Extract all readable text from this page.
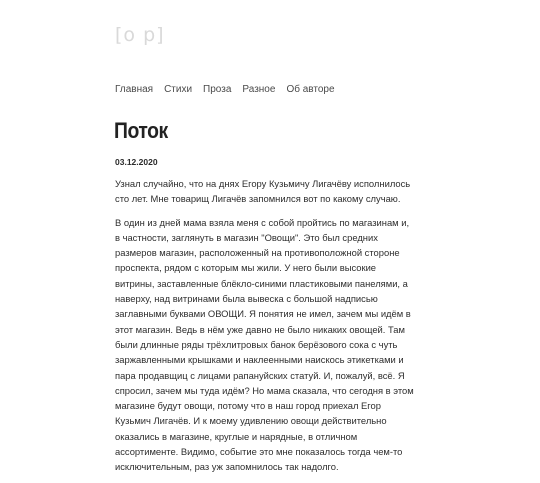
[o p]
Главная Стихи Проза Разное Об авторе
Поток
03.12.2020

Узнал случайно, что на днях Егору Кузьмичу Лигачёву исполнилось сто лет. Мне товарищ Лигачёв запомнился вот по какому случаю.

В один из дней мама взяла меня с собой пройтись по магазинам и, в частности, заглянуть в магазин "Овощи". Это был средних размеров магазин, расположенный на противоположной стороне проспекта, рядом с которым мы жили. У него были высокие витрины, заставленные блёкло-синими пластиковыми панелями, а наверху, над витринами была вывеска с большой надписью заглавными буквами ОВОЩИ. Я понятия не имел, зачем мы идём в этот магазин. Ведь в нём уже давно не было никаких овощей. Там были длинные ряды трёхлитровых банок берёзового сока с чуть заржавленными крышками и наклеенными наискось этикетками и пара продавщиц с лицами рапануйских статуй. И, пожалуй, всё. Я спросил, зачем мы туда идём? Но мама сказала, что сегодня в этом магазине будут овощи, потому что в наш город приехал Егор Кузьмич Лигачёв. И к моему удивлению овощи действительно оказались в магазине, круглые и нарядные, в отличном ассортименте. Видимо, событие это мне показалось тогда чем-то исключительным, раз уж запомнилось так надолго.
